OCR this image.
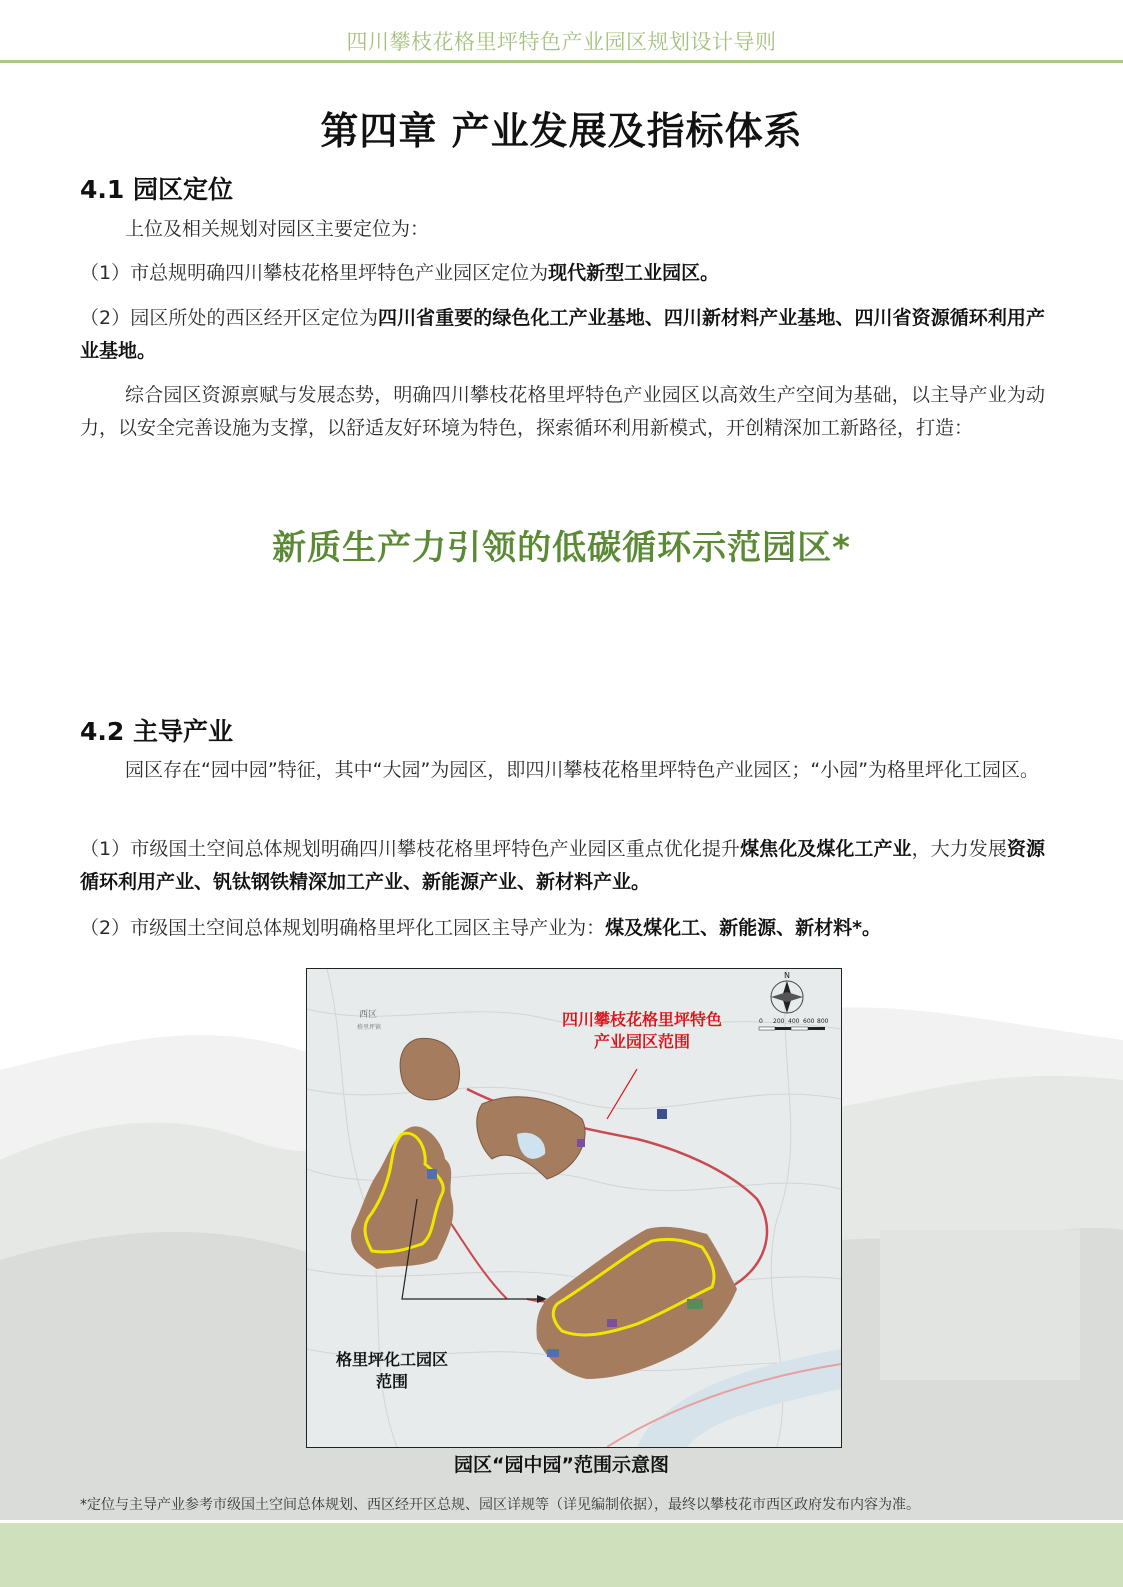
四川攀枝花格里坪特色产业园区规划设计导则
第四章 产业发展及指标体系
4.1 园区定位
上位及相关规划对园区主要定位为：
（1）市总规明确四川攀枝花格里坪特色产业园区定位为现代新型工业园区。
（2）园区所处的西区经开区定位为四川省重要的绿色化工产业基地、四川新材料产业基地、四川省资源循环利用产业基地。
综合园区资源禀赋与发展态势，明确四川攀枝花格里坪特色产业园区以高效生产空间为基础，以主导产业为动力，以安全完善设施为支撑，以舒适友好环境为特色，探索循环利用新模式，开创精深加工新路径，打造：
新质生产力引领的低碳循环示范园区*
4.2 主导产业
园区存在“园中园”特征，其中“大园”为园区，即四川攀枝花格里坪特色产业园区；“小园”为格里坪化工园区。
（1）市级国土空间总体规划明确四川攀枝花格里坪特色产业园区重点优化提升煤焦化及煤化工产业，大力发展资源循环利用产业、钒钛钢铁精深加工产业、新能源产业、新材料产业。
（2）市级国土空间总体规划明确格里坪化工园区主导产业为：煤及煤化工、新能源、新材料*。
N
0 200 400 600 800
西区
格里坪镇	四川攀枝花格里坪特色
产业园区范围
格里坪化工园区
范围
园区“园中园”范围示意图
*定位与主导产业参考市级国土空间总体规划、西区经开区总规、园区详规等（详见编制依据），最终以攀枝花市西区政府发布内容为准。
